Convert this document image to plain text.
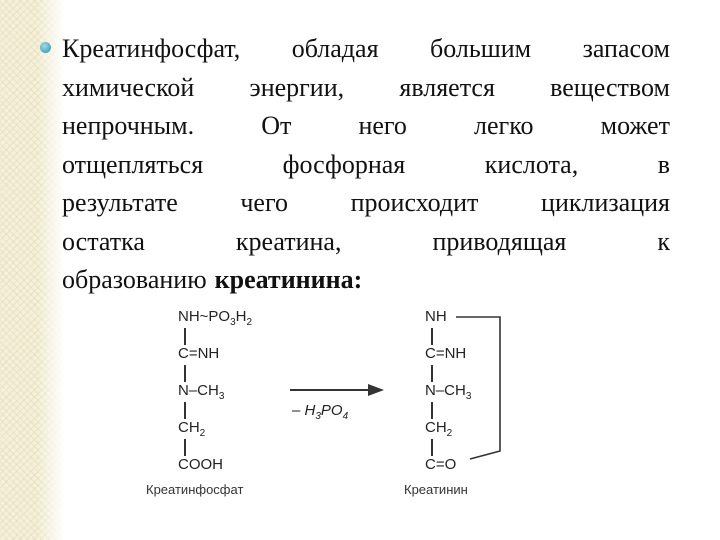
Креатинфосфат, обладая большим запасом
химической энергии, является веществом
непрочным.	От	него	легко	может
отщепляться	фосфорная	кислота,	в
результате чего происходит циклизация
остатка	креатина,	приводящая	к
образованию креатинина:
$NH\sim PO_3H_2$
C=NH
$N-CH_3$
$CH_2$
COOH
Креатинфосфат
– $H_3PO_4$
NH
C=NH
$N-CH_3$
$CH_2$
C=O
Креатинин
